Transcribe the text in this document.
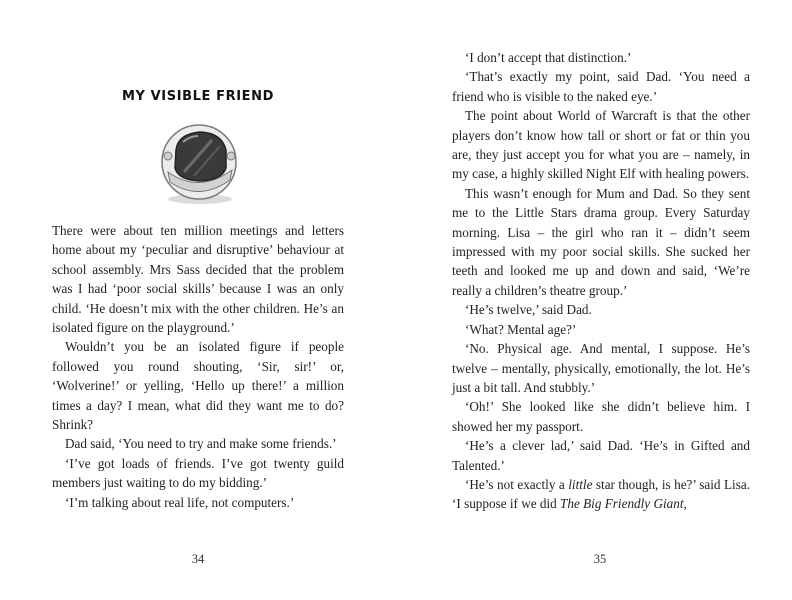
MY VISIBLE FRIEND

There were about ten million meetings and letters home about my ‘peculiar and disruptive’ behaviour at school assembly. Mrs Sass decided that the problem was I had ‘poor social skills’ because I was an only child. ‘He doesn’t mix with the other children. He’s an isolated figure on the playground.’

Wouldn’t you be an isolated figure if people followed you round shouting, ‘Sir, sir!’ or, ‘Wolverine!’ or yelling, ‘Hello up there!’ a million times a day? I mean, what did they want me to do? Shrink?

Dad said, ‘You need to try and make some friends.’

‘I’ve got loads of friends. I’ve got twenty guild members just waiting to do my bidding.’

‘I’m talking about real life, not computers.’

34

‘I don’t accept that distinction.’

‘That’s exactly my point, said Dad. ‘You need a friend who is visible to the naked eye.’

The point about World of Warcraft is that the other players don’t know how tall or short or fat or thin you are, they just accept you for what you are – namely, in my case, a highly skilled Night Elf with healing powers.

This wasn’t enough for Mum and Dad. So they sent me to the Little Stars drama group. Every Saturday morning. Lisa – the girl who ran it – didn’t seem impressed with my poor social skills. She sucked her teeth and looked me up and down and said, ‘We’re really a children’s theatre group.’

‘He’s twelve,’ said Dad.

‘What? Mental age?’

‘No. Physical age. And mental, I suppose. He’s twelve – mentally, physically, emotionally, the lot. He’s just a bit tall. And stubbly.’

‘Oh!’ She looked like she didn’t believe him. I showed her my passport.

‘He’s a clever lad,’ said Dad. ‘He’s in Gifted and Talented.’

‘He’s not exactly a little star though, is he?’ said Lisa. ‘I suppose if we did The Big Friendly Giant,

35
